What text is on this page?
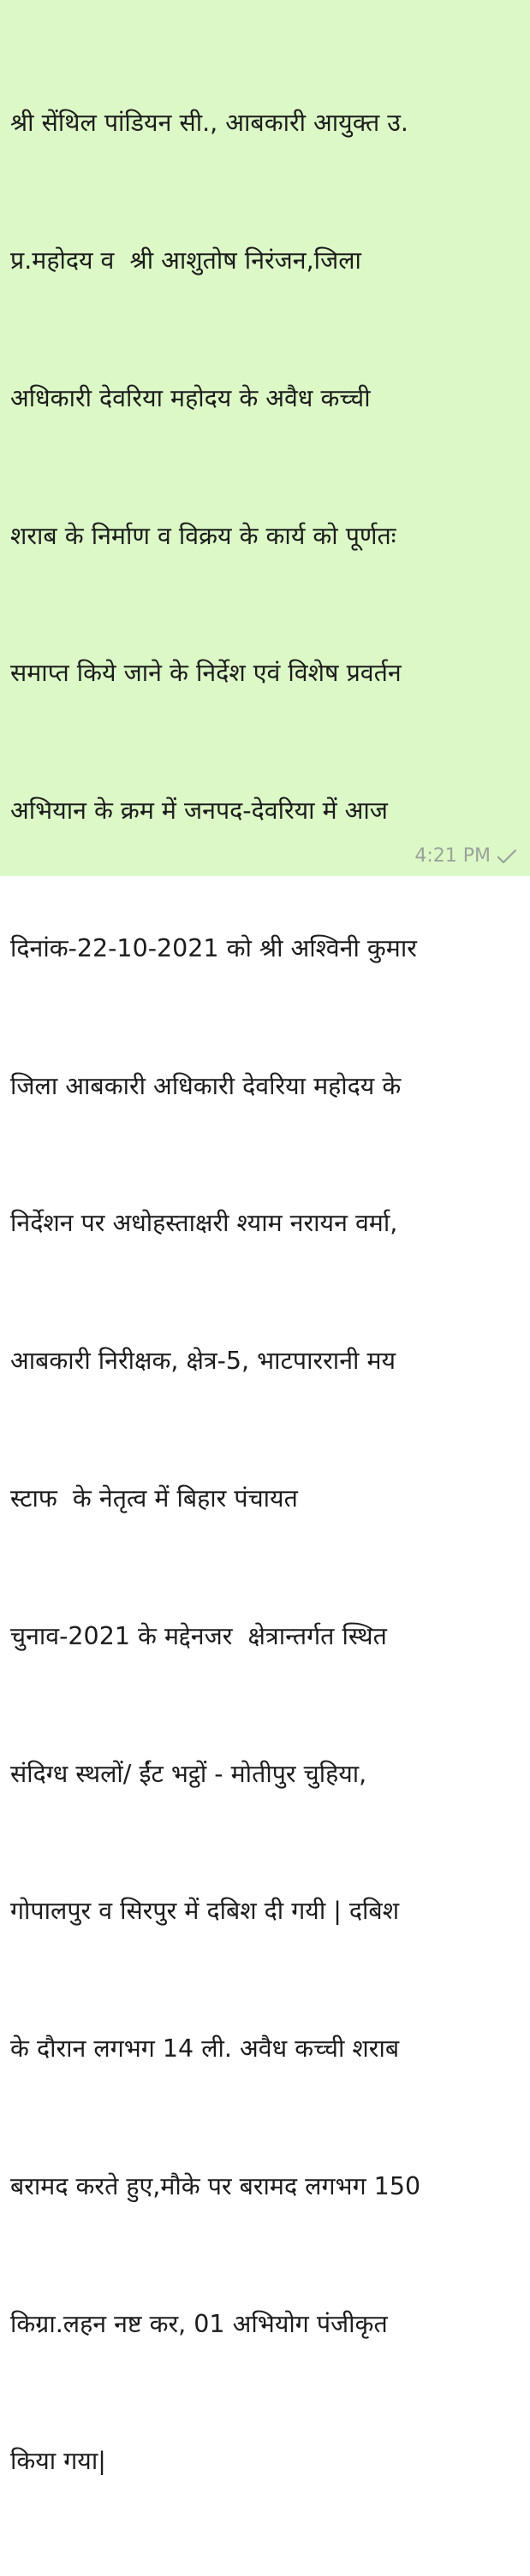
श्री सेंथिल पांडियन सी., आबकारी आयुक्त उ.

प्र.महोदय व  श्री आशुतोष निरंजन,जिला

अधिकारी देवरिया महोदय के अवैध कच्ची

शराब के निर्माण व विक्रय के कार्य को पूर्णतः

समाप्त किये जाने के निर्देश एवं विशेष प्रवर्तन

अभियान के क्रम में जनपद-देवरिया में आज

दिनांक-22-10-2021 को श्री अश्विनी कुमार

जिला आबकारी अधिकारी देवरिया महोदय के

निर्देशन पर अधोहस्ताक्षरी श्याम नरायन वर्मा,

आबकारी निरीक्षक, क्षेत्र-5, भाटपाररानी मय

स्टाफ  के नेतृत्व में बिहार पंचायत

चुनाव-2021 के मद्देनजर  क्षेत्रान्तर्गत स्थित

संदिग्ध स्थलों/ ईंट भट्ठों - मोतीपुर चुहिया,

गोपालपुर व सिरपुर में दबिश दी गयी | दबिश

के दौरान लगभग 14 ली. अवैध कच्ची शराब

बरामद करते हुए,मौके पर बरामद लगभग 150

किग्रा.लहन नष्ट कर, 01 अभियोग पंजीकृत

किया गया|

4:21 PM
